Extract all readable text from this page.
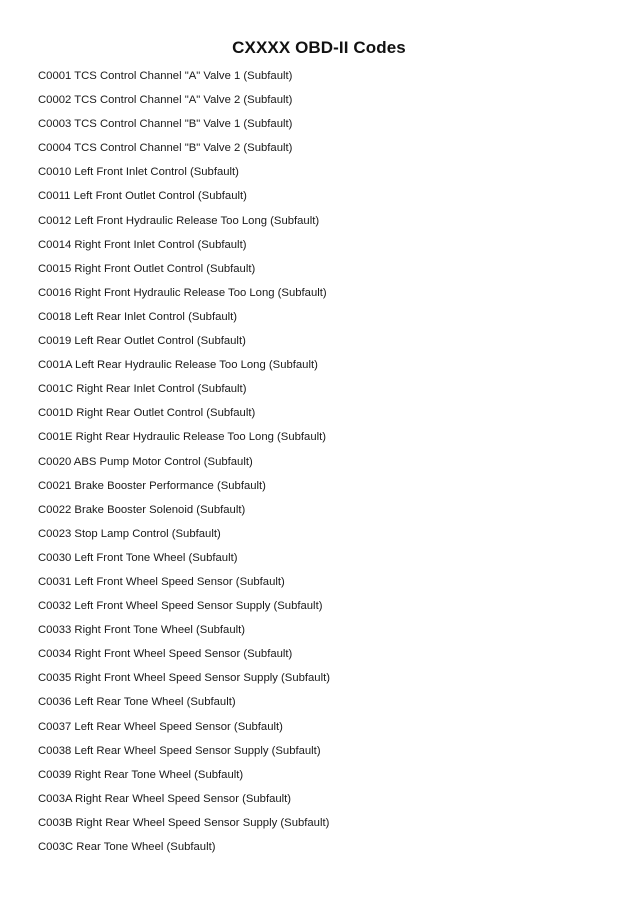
CXXXX OBD-II Codes
C0001 TCS Control Channel "A" Valve 1 (Subfault)
C0002 TCS Control Channel "A" Valve 2 (Subfault)
C0003 TCS Control Channel "B" Valve 1 (Subfault)
C0004 TCS Control Channel "B" Valve 2 (Subfault)
C0010 Left Front Inlet Control (Subfault)
C0011 Left Front Outlet Control (Subfault)
C0012 Left Front Hydraulic Release Too Long (Subfault)
C0014 Right Front Inlet Control (Subfault)
C0015 Right Front Outlet Control (Subfault)
C0016 Right Front Hydraulic Release Too Long (Subfault)
C0018 Left Rear Inlet Control (Subfault)
C0019 Left Rear Outlet Control (Subfault)
C001A Left Rear Hydraulic Release Too Long (Subfault)
C001C Right Rear Inlet Control (Subfault)
C001D Right Rear Outlet Control (Subfault)
C001E Right Rear Hydraulic Release Too Long (Subfault)
C0020 ABS Pump Motor Control (Subfault)
C0021 Brake Booster Performance (Subfault)
C0022 Brake Booster Solenoid (Subfault)
C0023 Stop Lamp Control (Subfault)
C0030 Left Front Tone Wheel (Subfault)
C0031 Left Front Wheel Speed Sensor (Subfault)
C0032 Left Front Wheel Speed Sensor Supply (Subfault)
C0033 Right Front Tone Wheel (Subfault)
C0034 Right Front Wheel Speed Sensor (Subfault)
C0035 Right Front Wheel Speed Sensor Supply (Subfault)
C0036 Left Rear Tone Wheel (Subfault)
C0037 Left Rear Wheel Speed Sensor (Subfault)
C0038 Left Rear Wheel Speed Sensor Supply (Subfault)
C0039 Right Rear Tone Wheel (Subfault)
C003A Right Rear Wheel Speed Sensor (Subfault)
C003B Right Rear Wheel Speed Sensor Supply (Subfault)
C003C Rear Tone Wheel (Subfault)
